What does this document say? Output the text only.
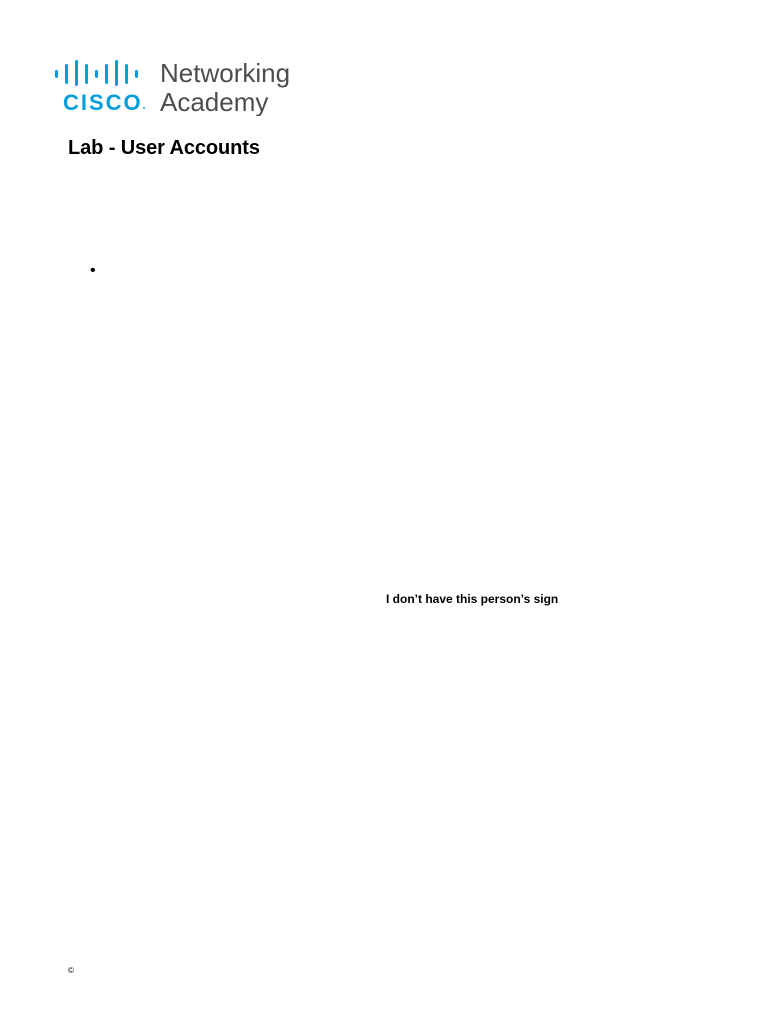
CISCO
Networking
Academy
Lab - User Accounts
•
I don’t have this person’s sign
©
